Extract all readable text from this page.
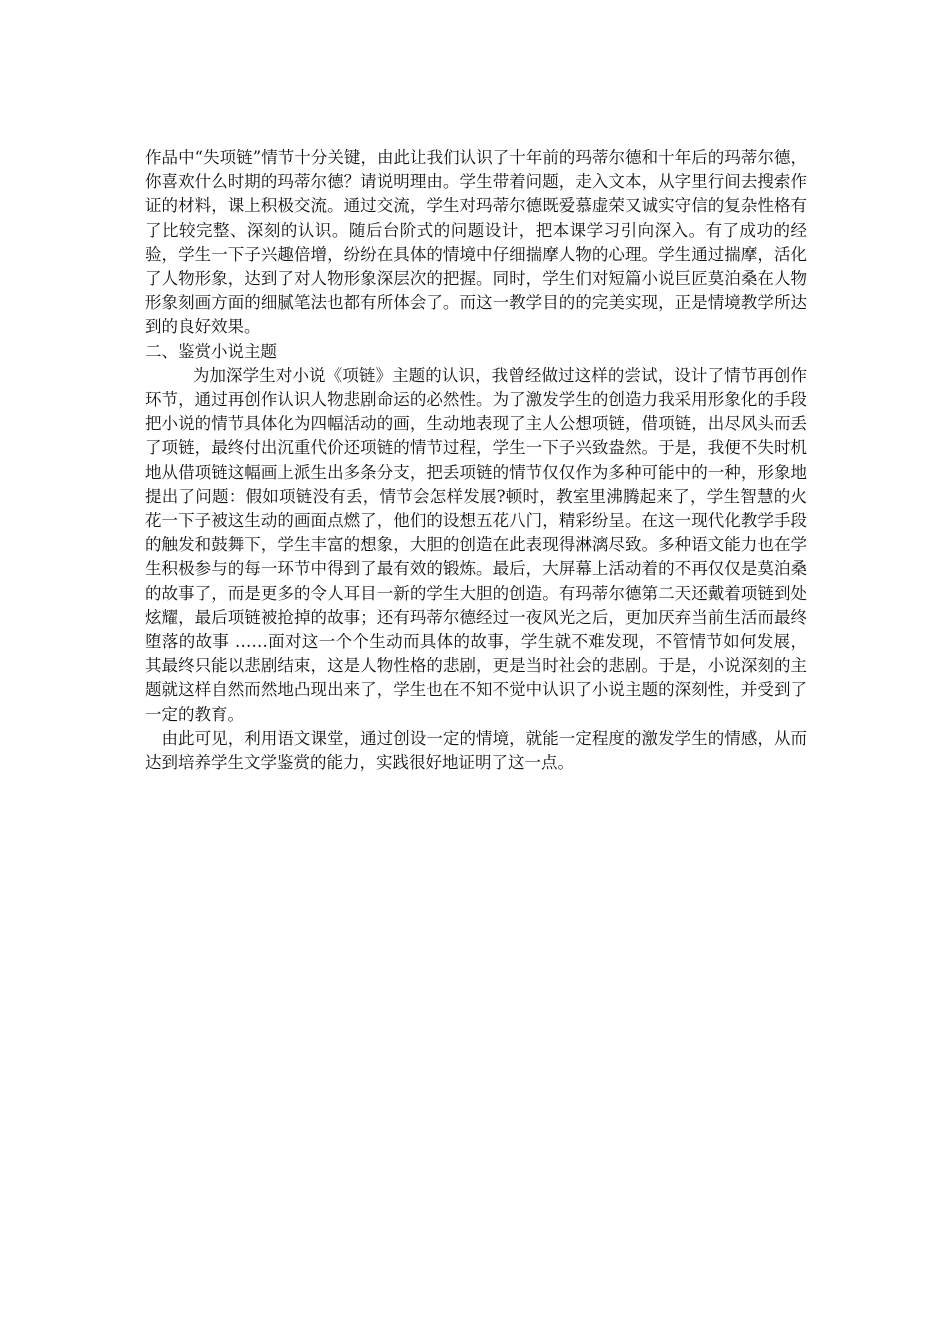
作品中“失项链”情节十分关键，由此让我们认识了十年前的玛蒂尔德和十年后的玛蒂尔德，你喜欢什么时期的玛蒂尔德？请说明理由。学生带着问题，走入文本，从字里行间去搜索作证的材料，课上积极交流。通过交流，学生对玛蒂尔德既爱慕虚荣又诚实守信的复杂性格有了比较完整、深刻的认识。随后台阶式的问题设计，把本课学习引向深入。有了成功的经验，学生一下子兴趣倍增，纷纷在具体的情境中仔细揣摩人物的心理。学生通过揣摩，活化了人物形象，达到了对人物形象深层次的把握。同时，学生们对短篇小说巨匠莫泊桑在人物形象刻画方面的细腻笔法也都有所体会了。而这一教学目的的完美实现，正是情境教学所达到的良好效果。

二、鉴赏小说主题

为加深学生对小说《项链》主题的认识，我曾经做过这样的尝试，设计了情节再创作环节，通过再创作认识人物悲剧命运的必然性。为了激发学生的创造力我采用形象化的手段把小说的情节具体化为四幅活动的画，生动地表现了主人公想项链，借项链，出尽风头而丢了项链，最终付出沉重代价还项链的情节过程，学生一下子兴致盎然。于是，我便不失时机地从借项链这幅画上派生出多条分支，把丢项链的情节仅仅作为多种可能中的一种，形象地提出了问题：假如项链没有丢，情节会怎样发展?顿时，教室里沸腾起来了，学生智慧的火花一下子被这生动的画面点燃了，他们的设想五花八门，精彩纷呈。在这一现代化教学手段的触发和鼓舞下，学生丰富的想象，大胆的创造在此表现得淋漓尽致。多种语文能力也在学生积极参与的每一环节中得到了最有效的锻炼。最后，大屏幕上活动着的不再仅仅是莫泊桑的故事了，而是更多的令人耳目一新的学生大胆的创造。有玛蒂尔德第二天还戴着项链到处炫耀，最后项链被抢掉的故事；还有玛蒂尔德经过一夜风光之后，更加厌弃当前生活而最终堕落的故事 ……面对这一个个生动而具体的故事，学生就不难发现，不管情节如何发展，其最终只能以悲剧结束，这是人物性格的悲剧，更是当时社会的悲剧。于是，小说深刻的主题就这样自然而然地凸现出来了，学生也在不知不觉中认识了小说主题的深刻性，并受到了一定的教育。

由此可见，利用语文课堂，通过创设一定的情境，就能一定程度的激发学生的情感，从而达到培养学生文学鉴赏的能力，实践很好地证明了这一点。
